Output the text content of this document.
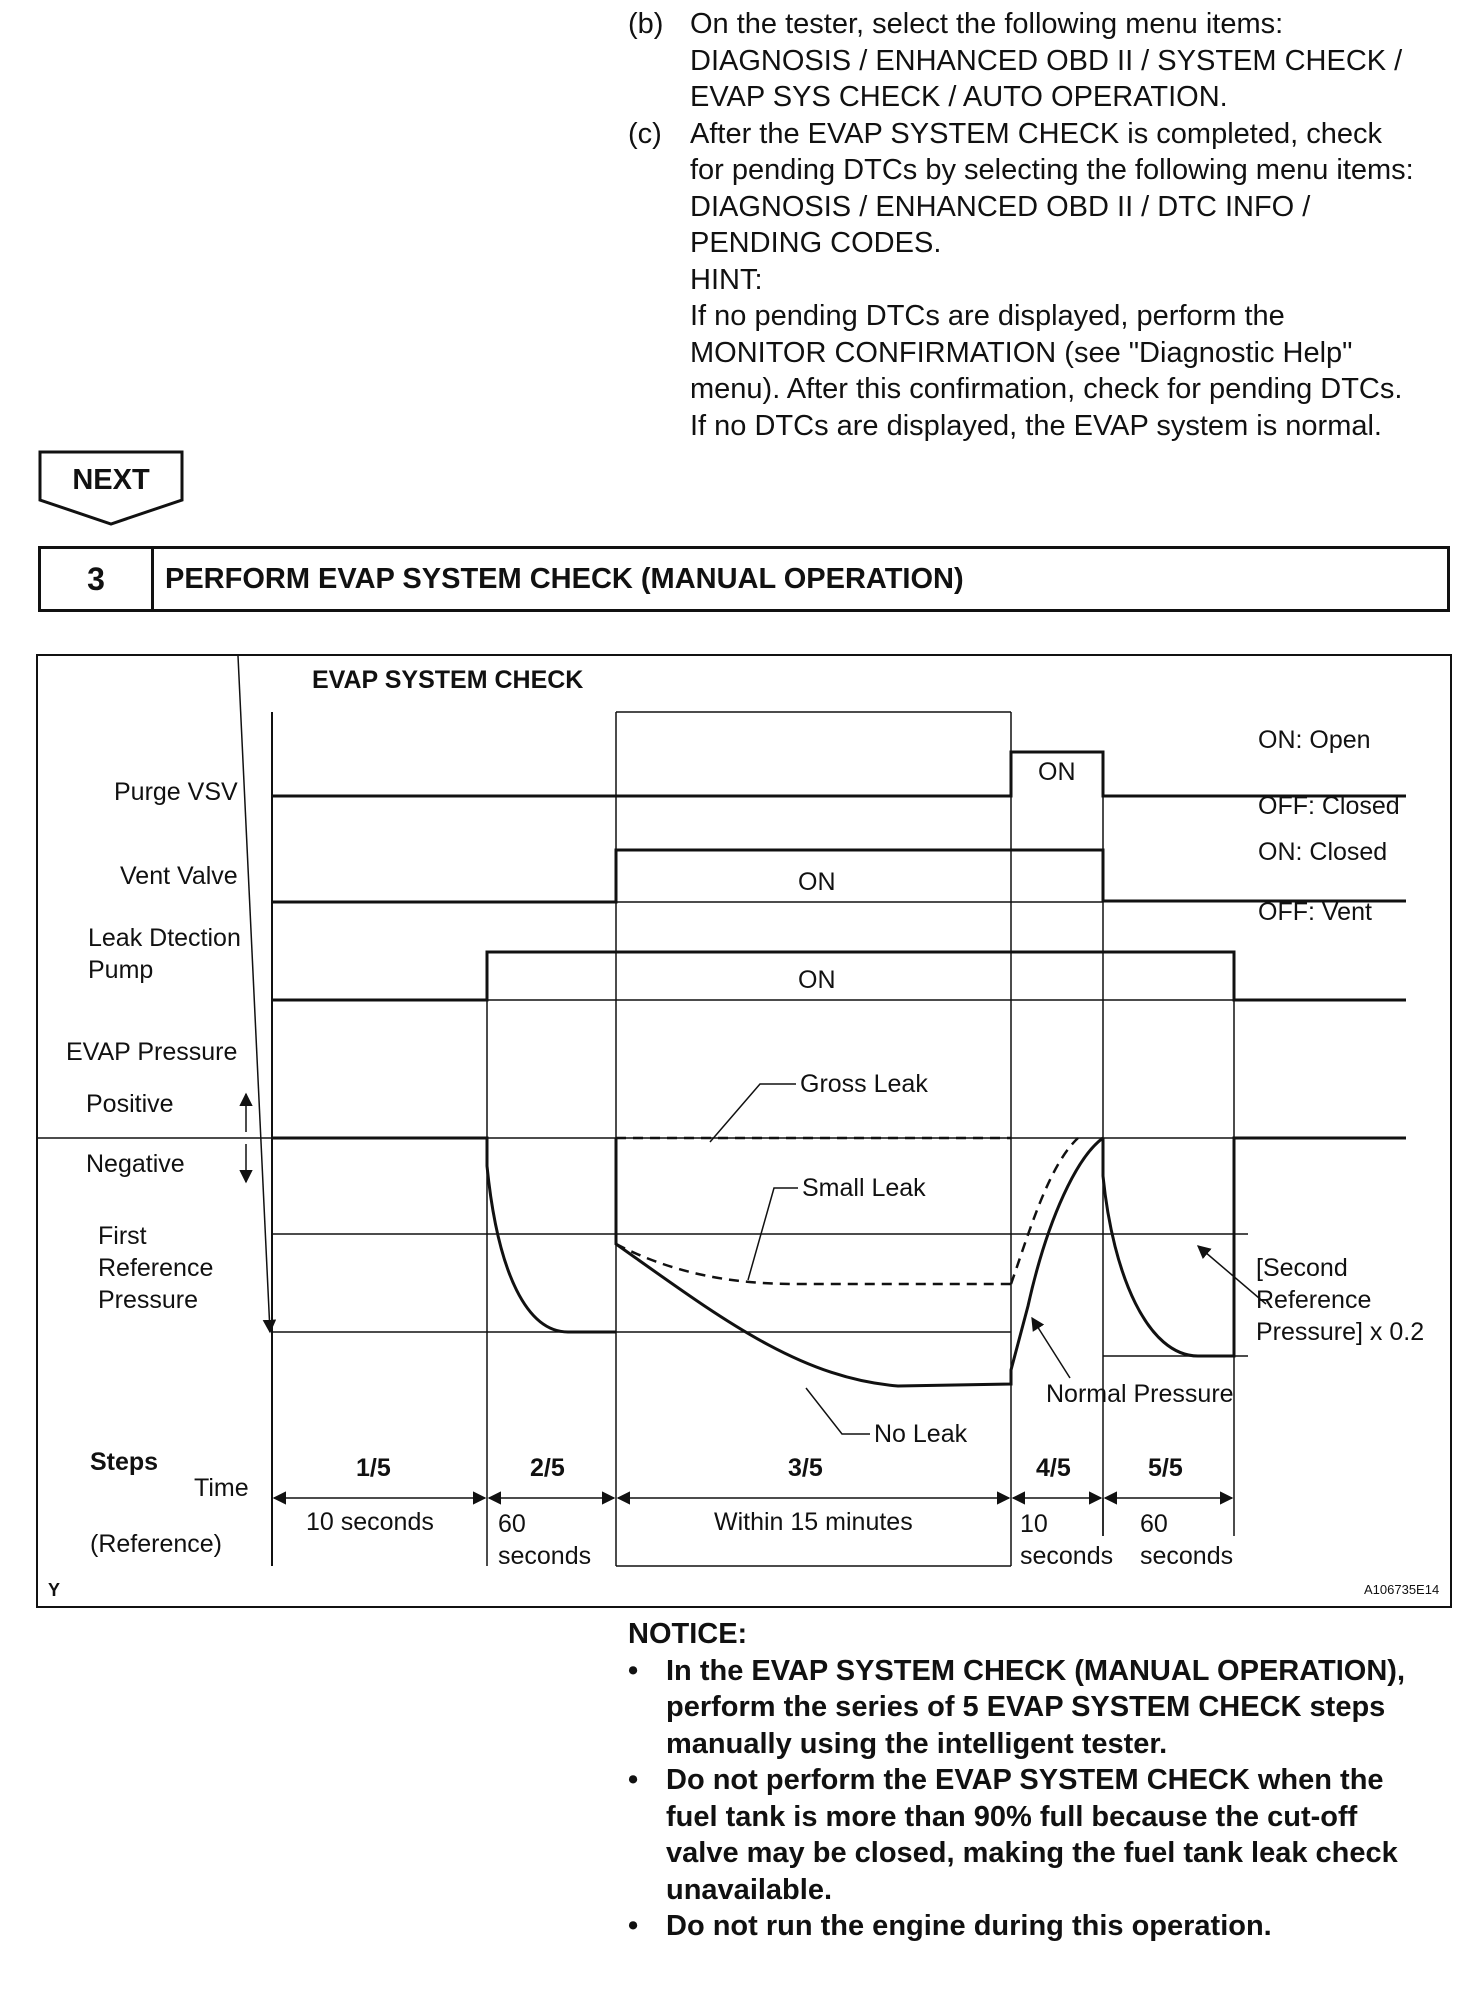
(b) On the tester, select the following menu items:
DIAGNOSIS / ENHANCED OBD II / SYSTEM CHECK /
EVAP SYS CHECK / AUTO OPERATION.
(c) After the EVAP SYSTEM CHECK is completed, check
for pending DTCs by selecting the following menu items:
DIAGNOSIS / ENHANCED OBD II / DTC INFO /
PENDING CODES.
HINT:
If no pending DTCs are displayed, perform the
MONITOR CONFIRMATION (see "Diagnostic Help"
menu). After this confirmation, check for pending DTCs.
If no DTCs are displayed, the EVAP system is normal.
NEXT
3	PERFORM EVAP SYSTEM CHECK (MANUAL OPERATION)
EVAP SYSTEM CHECK
Purge VSV
Vent Valve
Leak Dtection
Pump
EVAP Pressure
Positive
Negative
First
Reference
Pressure
ON: Open
OFF: Closed
ON: Closed
OFF: Vent
ON
ON
ON
Gross Leak
Small Leak
No Leak
Normal Pressure
[Second
Reference
Pressure] x 0.2
Steps
Time
(Reference)
1/5
10 seconds
2/5
60
seconds
3/5
Within 15 minutes
4/5
10
seconds
5/5
60
seconds
Y	A106735E14
NOTICE:
• In the EVAP SYSTEM CHECK (MANUAL OPERATION),
perform the series of 5 EVAP SYSTEM CHECK steps
manually using the intelligent tester.
• Do not perform the EVAP SYSTEM CHECK when the
fuel tank is more than 90% full because the cut-off
valve may be closed, making the fuel tank leak check
unavailable.
• Do not run the engine during this operation.
